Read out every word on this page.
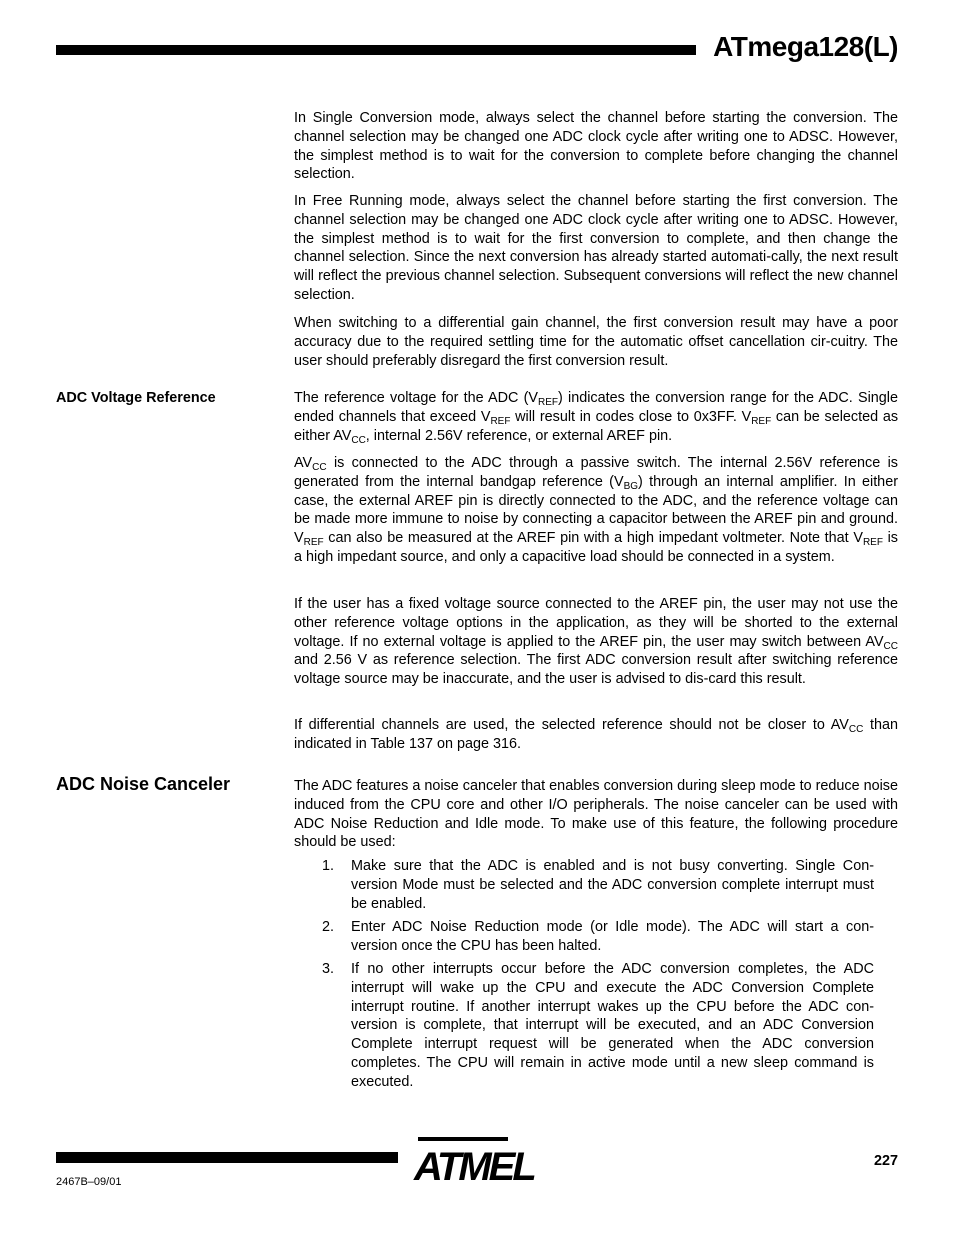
ATmega128(L)

In Single Conversion mode, always select the channel before starting the conversion. The channel selection may be changed one ADC clock cycle after writing one to ADSC. However, the simplest method is to wait for the conversion to complete before changing the channel selection.

In Free Running mode, always select the channel before starting the first conversion. The channel selection may be changed one ADC clock cycle after writing one to ADSC. However, the simplest method is to wait for the first conversion to complete, and then change the channel selection. Since the next conversion has already started automati-cally, the next result will reflect the previous channel selection. Subsequent conversions will reflect the new channel selection.

When switching to a differential gain channel, the first conversion result may have a poor accuracy due to the required settling time for the automatic offset cancellation cir-cuitry. The user should preferably disregard the first conversion result.

ADC Voltage Reference	The reference voltage for the ADC $(V_{REF})$ indicates the conversion range for the ADC. Single ended channels that exceed $V_{REF}$ will result in codes close to 0x3FF. $V_{REF}$ can be selected as either $AV_{CC}$, internal 2.56V reference, or external AREF pin.

$AV_{CC}$ is connected to the ADC through a passive switch. The internal 2.56V reference is generated from the internal bandgap reference $(V_{BG})$ through an internal amplifier. In either case, the external AREF pin is directly connected to the ADC, and the reference voltage can be made more immune to noise by connecting a capacitor between the AREF pin and ground. $V_{REF}$ can also be measured at the AREF pin with a high impedant voltmeter. Note that $V_{REF}$ is a high impedant source, and only a capacitive load should be connected in a system.

If the user has a fixed voltage source connected to the AREF pin, the user may not use the other reference voltage options in the application, as they will be shorted to the external voltage. If no external voltage is applied to the AREF pin, the user may switch between $AV_{CC}$ and 2.56 V as reference selection. The first ADC conversion result after switching reference voltage source may be inaccurate, and the user is advised to dis-card this result.

If differential channels are used, the selected reference should not be closer to $AV_{CC}$ than indicated in Table 137 on page 316.

ADC Noise Canceler	The ADC features a noise canceler that enables conversion during sleep mode to reduce noise induced from the CPU core and other I/O peripherals. The noise canceler can be used with ADC Noise Reduction and Idle mode. To make use of this feature, the following procedure should be used:

1. Make sure that the ADC is enabled and is not busy converting. Single Con-version Mode must be selected and the ADC conversion complete interrupt must be enabled.
2. Enter ADC Noise Reduction mode (or Idle mode). The ADC will start a con-version once the CPU has been halted.
3. If no other interrupts occur before the ADC conversion completes, the ADC interrupt will wake up the CPU and execute the ADC Conversion Complete interrupt routine. If another interrupt wakes up the CPU before the ADC con-version is complete, that interrupt will be executed, and an ADC Conversion Complete interrupt request will be generated when the ADC conversion completes. The CPU will remain in active mode until a new sleep command is executed.
ATMEL	227
2467B–09/01
